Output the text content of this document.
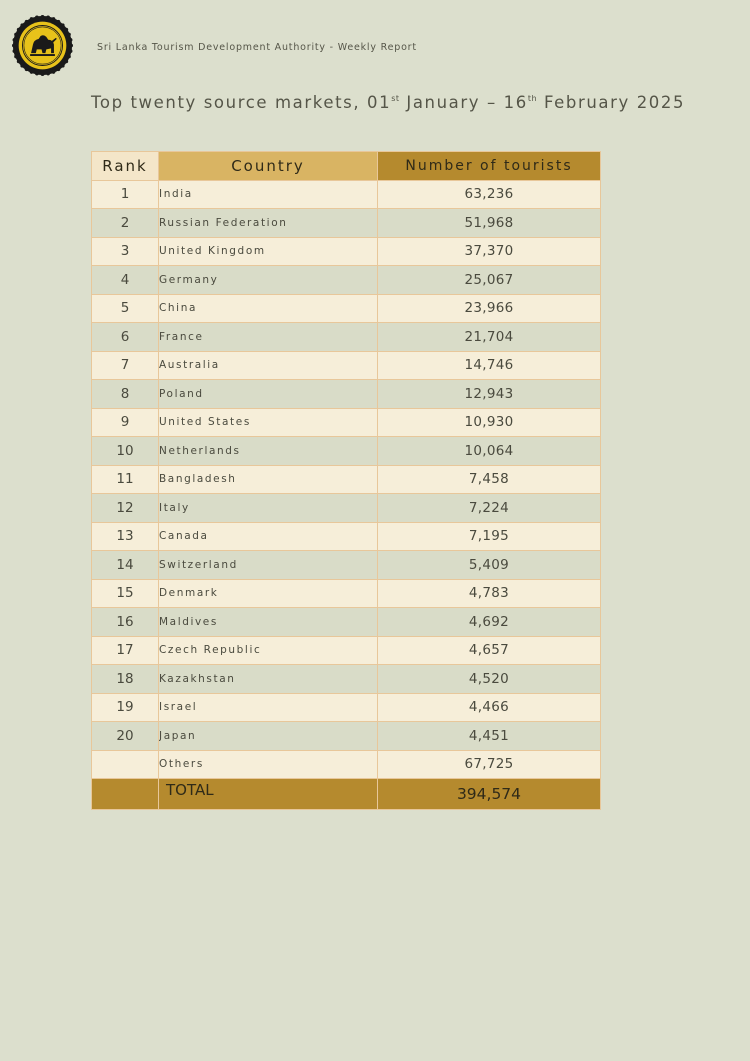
Sri Lanka Tourism Development Authority - Weekly Report
Top twenty source markets, 01st January – 16th February 2025
Rank	Country	Number of tourists
1	India	63,236
2	Russian Federation	51,968
3	United Kingdom	37,370
4	Germany	25,067
5	China	23,966
6	France	21,704
7	Australia	14,746
8	Poland	12,943
9	United States	10,930
10	Netherlands	10,064
11	Bangladesh	7,458
12	Italy	7,224
13	Canada	7,195
14	Switzerland	5,409
15	Denmark	4,783
16	Maldives	4,692
17	Czech Republic	4,657
18	Kazakhstan	4,520
19	Israel	4,466
20	Japan	4,451
	Others	67,725
	TOTAL	394,574
